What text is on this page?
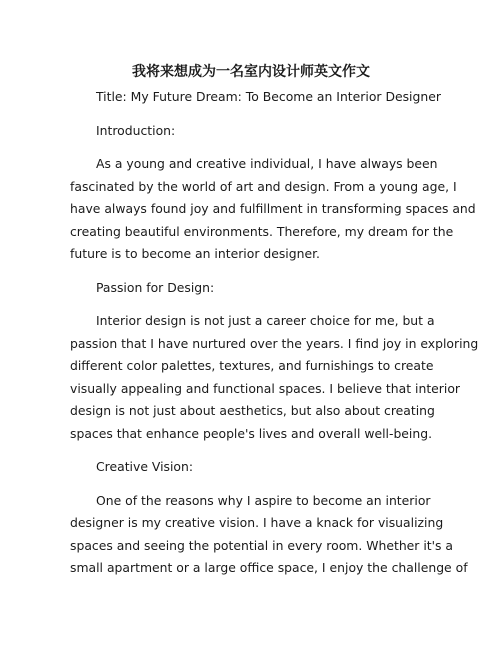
我将来想成为一名室内设计师英文作文

Title: My Future Dream: To Become an Interior Designer

Introduction:

As a young and creative individual, I have always been
fascinated by the world of art and design. From a young age, I
have always found joy and fulfillment in transforming spaces and
creating beautiful environments. Therefore, my dream for the
future is to become an interior designer.

Passion for Design:

Interior design is not just a career choice for me, but a
passion that I have nurtured over the years. I find joy in exploring
different color palettes, textures, and furnishings to create
visually appealing and functional spaces. I believe that interior
design is not just about aesthetics, but also about creating
spaces that enhance people's lives and overall well-being.

Creative Vision:

One of the reasons why I aspire to become an interior
designer is my creative vision. I have a knack for visualizing
spaces and seeing the potential in every room. Whether it's a
small apartment or a large office space, I enjoy the challenge of
